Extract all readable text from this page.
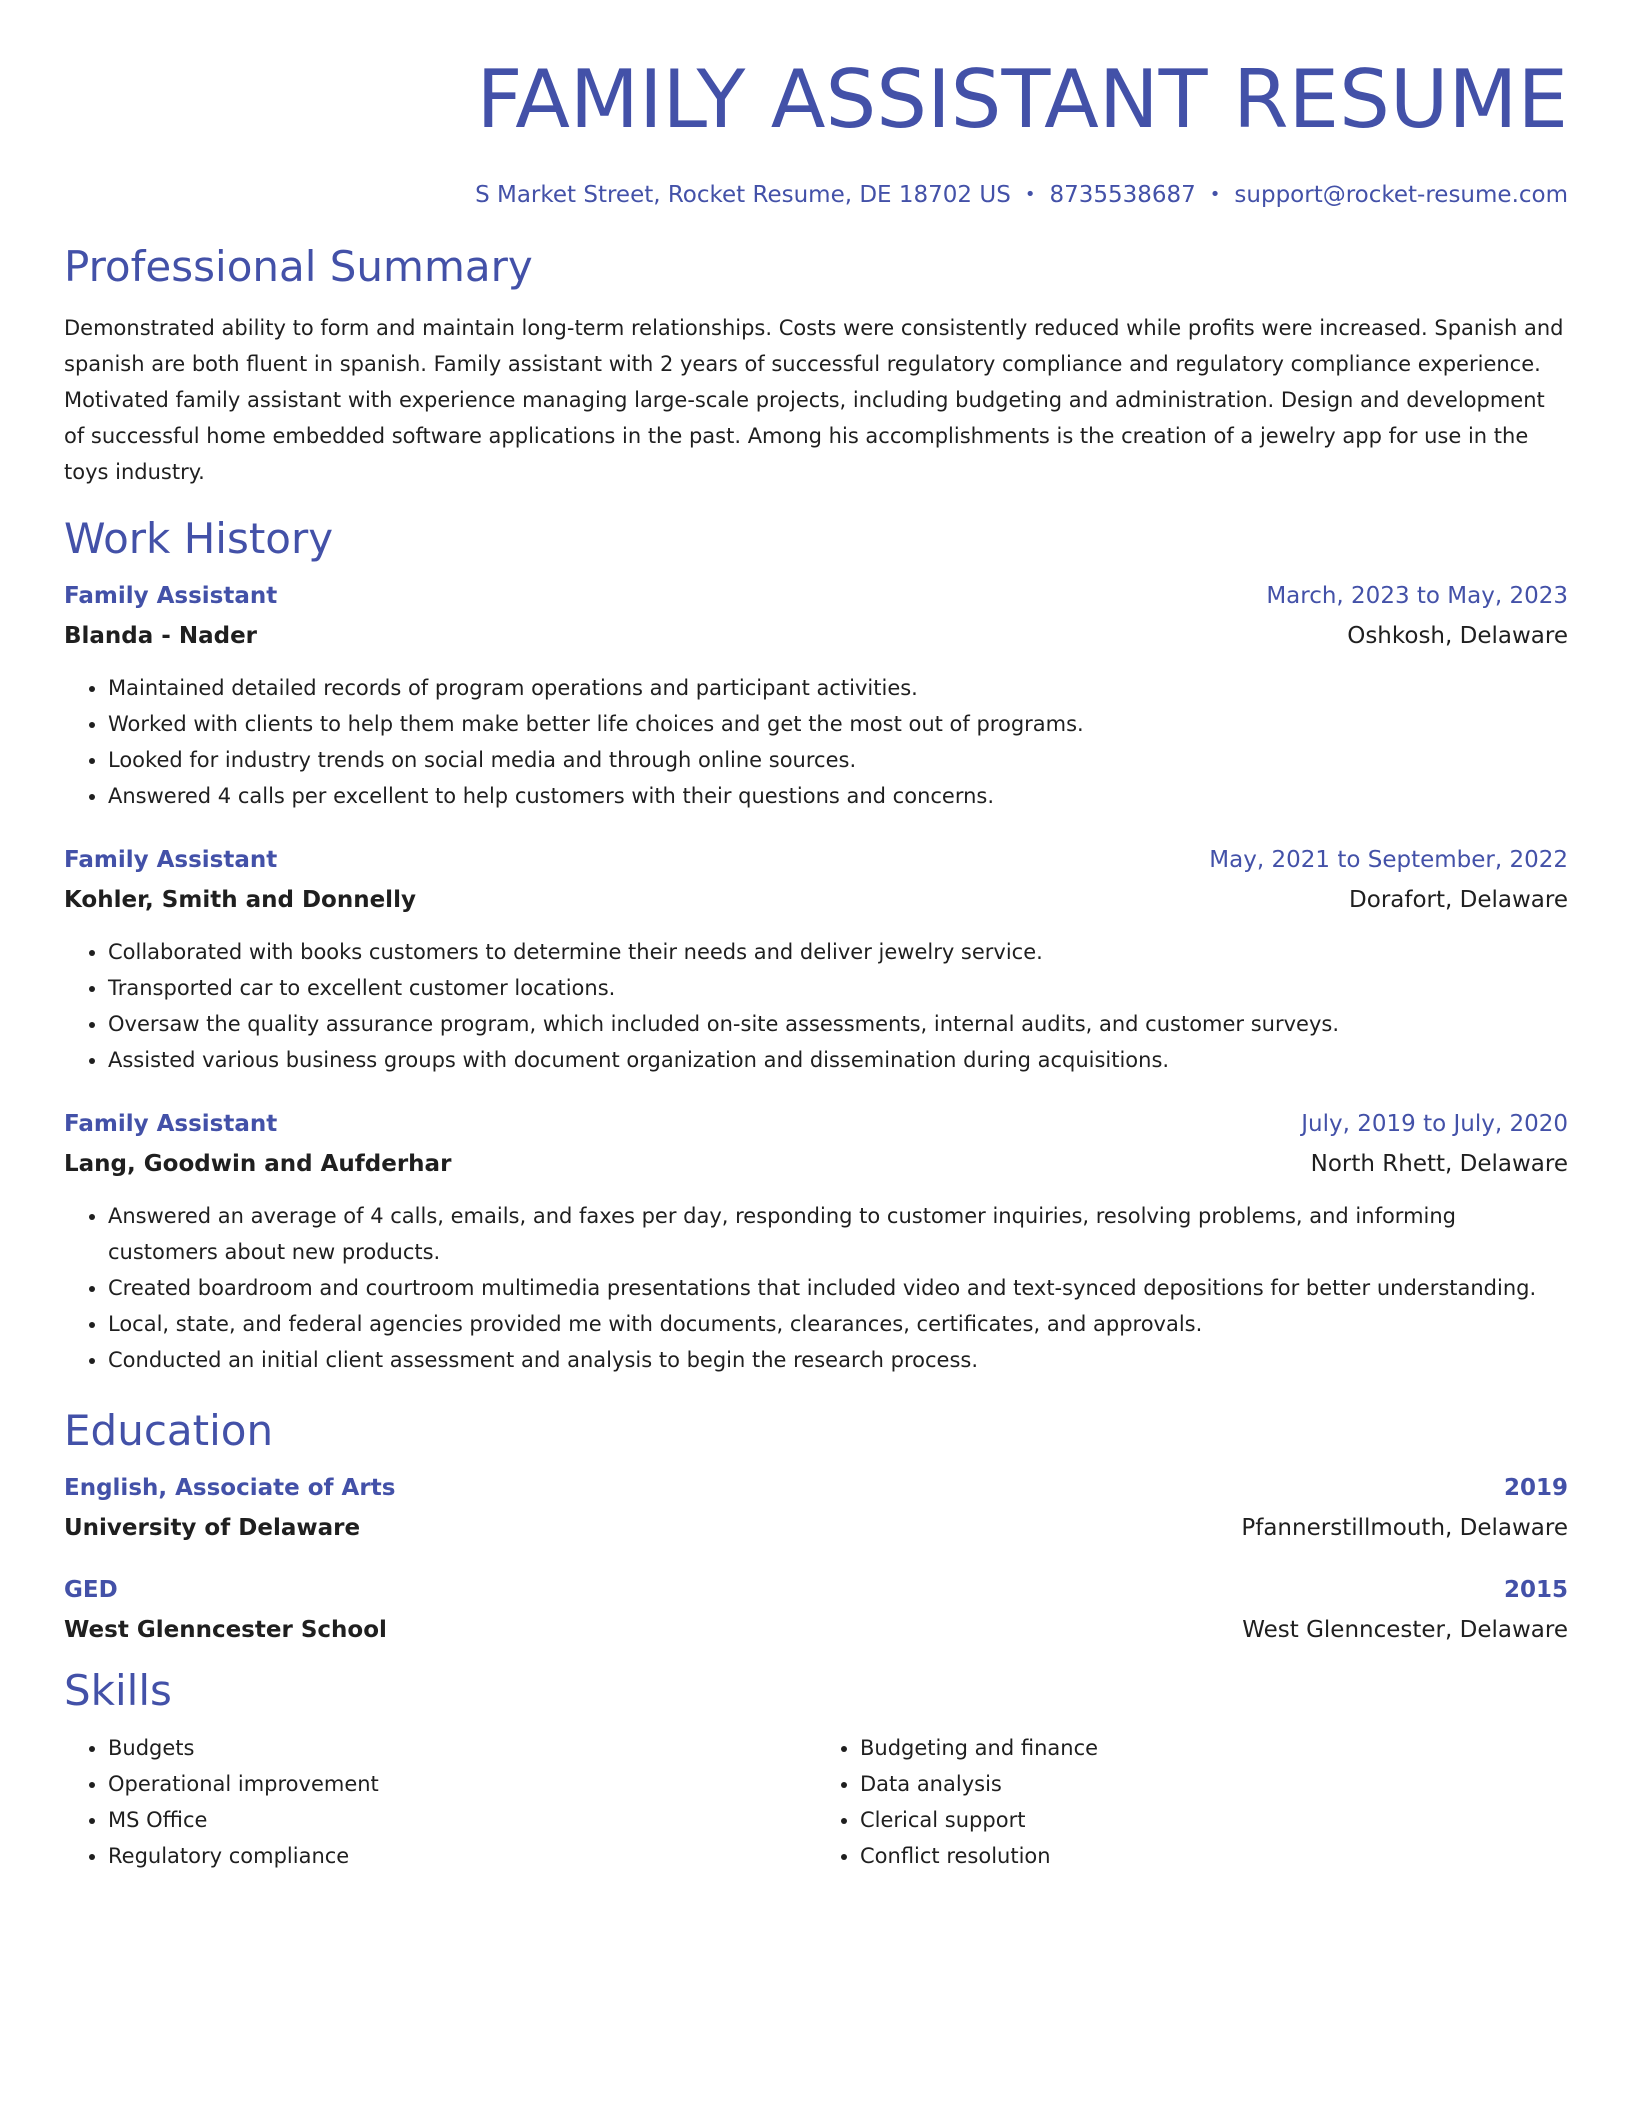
FAMILY ASSISTANT RESUME
S Market Street, Rocket Resume, DE 18702 US • 8735538687 • support@rocket-resume.com
Professional Summary

Demonstrated ability to form and maintain long-term relationships. Costs were consistently reduced while profits were increased. Spanish and spanish are both fluent in spanish. Family assistant with 2 years of successful regulatory compliance and regulatory compliance experience. Motivated family assistant with experience managing large-scale projects, including budgeting and administration. Design and development of successful home embedded software applications in the past. Among his accomplishments is the creation of a jewelry app for use in the toys industry.

Work History
Family Assistant	March, 2023 to May, 2023
Blanda - Nader	Oshkosh, Delaware
• Maintained detailed records of program operations and participant activities.
• Worked with clients to help them make better life choices and get the most out of programs.
• Looked for industry trends on social media and through online sources.
• Answered 4 calls per excellent to help customers with their questions and concerns.
Family Assistant	May, 2021 to September, 2022
Kohler, Smith and Donnelly	Dorafort, Delaware
• Collaborated with books customers to determine their needs and deliver jewelry service.
• Transported car to excellent customer locations.
• Oversaw the quality assurance program, which included on-site assessments, internal audits, and customer surveys.
• Assisted various business groups with document organization and dissemination during acquisitions.
Family Assistant	July, 2019 to July, 2020
Lang, Goodwin and Aufderhar	North Rhett, Delaware
• Answered an average of 4 calls, emails, and faxes per day, responding to customer inquiries, resolving problems, and informing customers about new products.
• Created boardroom and courtroom multimedia presentations that included video and text-synced depositions for better understanding.
• Local, state, and federal agencies provided me with documents, clearances, certificates, and approvals.
• Conducted an initial client assessment and analysis to begin the research process.
Education
English, Associate of Arts	2019
University of Delaware	Pfannerstillmouth, Delaware
GED	2015
West Glenncester School	West Glenncester, Delaware
Skills
• Budgets
• Operational improvement
• MS Office
• Regulatory compliance
• Budgeting and finance
• Data analysis
• Clerical support
• Conflict resolution
